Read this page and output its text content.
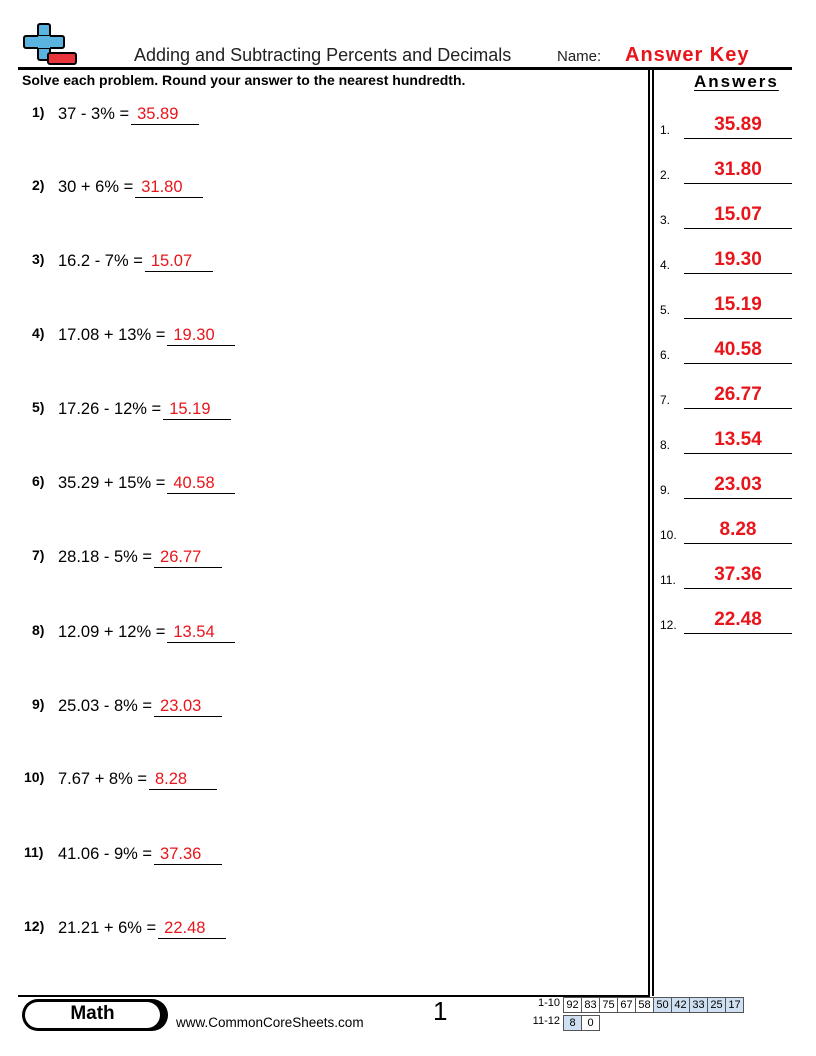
Adding and Subtracting Percents and Decimals	Name: Answer Key
Solve each problem. Round your answer to the nearest hundredth.	Answers
1) 37 - 3% = 35.89
2) 30 + 6% = 31.80
3) 16.2 - 7% = 15.07
4) 17.08 + 13% = 19.30
5) 17.26 - 12% = 15.19
6) 35.29 + 15% = 40.58
7) 28.18 - 5% = 26.77
8) 12.09 + 12% = 13.54
9) 25.03 - 8% = 23.03
10) 7.67 + 8% = 8.28
11) 41.06 - 9% = 37.36
12) 21.21 + 6% = 22.48
1.	35.89
2.	31.80
3.	15.07
4.	19.30
5.	15.19
6.	40.58
7.	26.77
8.	13.54
9.	23.03
10.	8.28
11.	37.36
12.	22.48
Math	www.CommonCoreSheets.com	1	1-10 92 83 75 67 58 50 42 33 25 17
11-12 8	0
